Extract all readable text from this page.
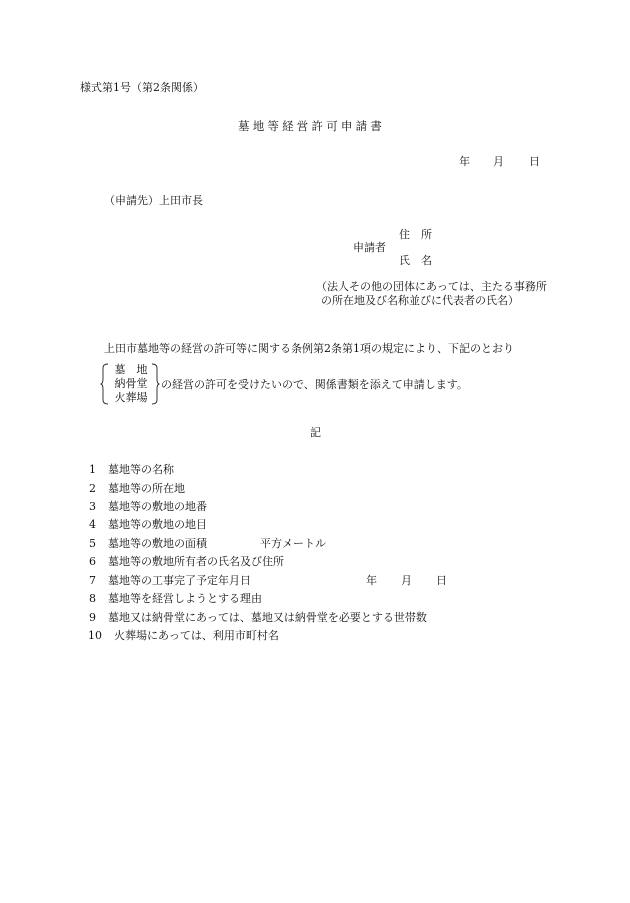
様式第1号（第2条関係）
墓地等経営許可申請書
年 月 日
（申請先）上田市長
住　所
申請者
氏　名
（法人その他の団体にあっては、主たる事務所
の所在地及び名称並びに代表者の氏名）
上田市墓地等の経営の許可等に関する条例第2条第1項の規定により、下記のとおり
墓　地
納骨堂
火葬場
の経営の許可を受けたいので、関係書類を添えて申請します。
記
1 墓地等の名称
2 墓地等の所在地
3 墓地等の敷地の地番
4 墓地等の敷地の地目
5 墓地等の敷地の面積	平方メートル
6 墓地等の敷地所有者の氏名及び住所
7 墓地等の工事完了予定年月日	年 月 日
8 墓地等を経営しようとする理由
9 墓地又は納骨堂にあっては、墓地又は納骨堂を必要とする世帯数
10 火葬場にあっては、利用市町村名
